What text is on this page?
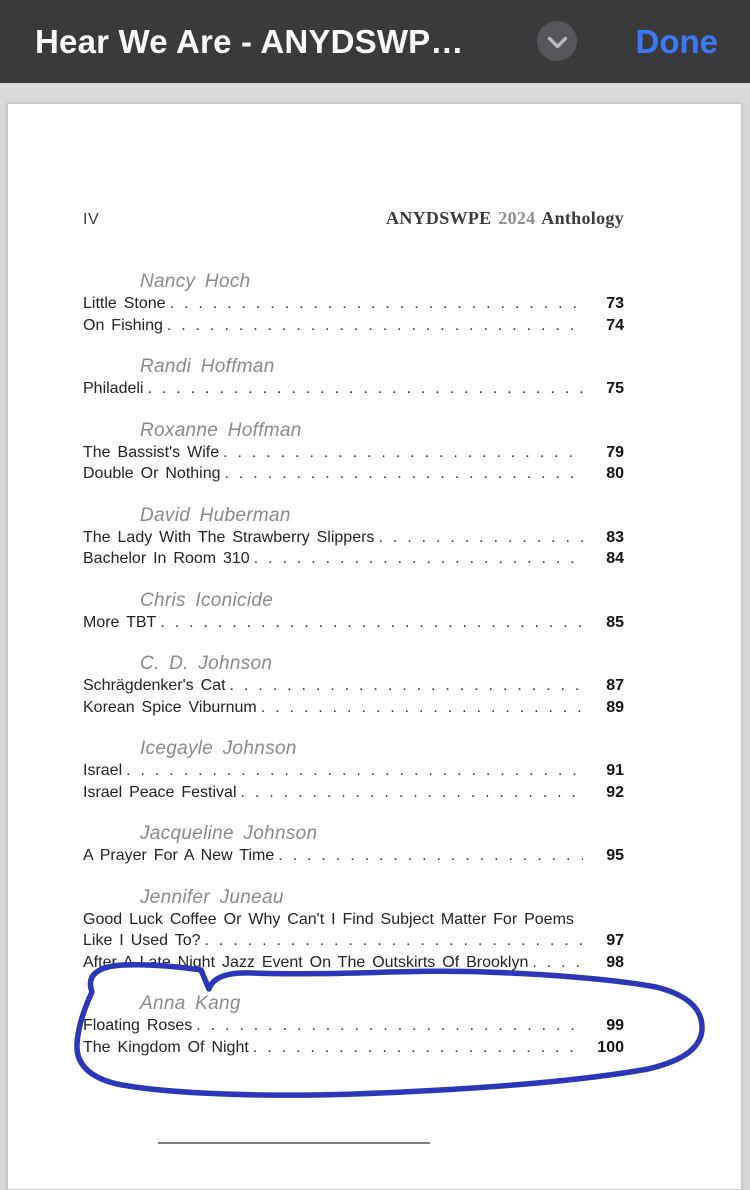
Hear We Are - ANYDSWP…	Done
IV	ANYDSWPE 2024 Anthology
Nancy Hoch
Little Stone . . .	73
On Fishing . . .	74
Randi Hoffman
Philadeli . . .	75
Roxanne Hoffman
The Bassist's Wife . . .	79
Double Or Nothing . . .	80
David Huberman
The Lady With The Strawberry Slippers . . .	83
Bachelor In Room 310 . . .	84
Chris Iconicide
More TBT . . .	85
C. D. Johnson
Schrägdenker's Cat . . .	87
Korean Spice Viburnum . . .	89
Icegayle Johnson
Israel . . .	91
Israel Peace Festival . . .	92
Jacqueline Johnson
A Prayer For A New Time . . .	95
Jennifer Juneau
Good Luck Coffee Or Why Can't I Find Subject Matter For Poems
Like I Used To? . . .	97
After A Late Night Jazz Event On The Outskirts Of Brooklyn . . .	98
Anna Kang
Floating Roses . . .	99
The Kingdom Of Night . . .	100
